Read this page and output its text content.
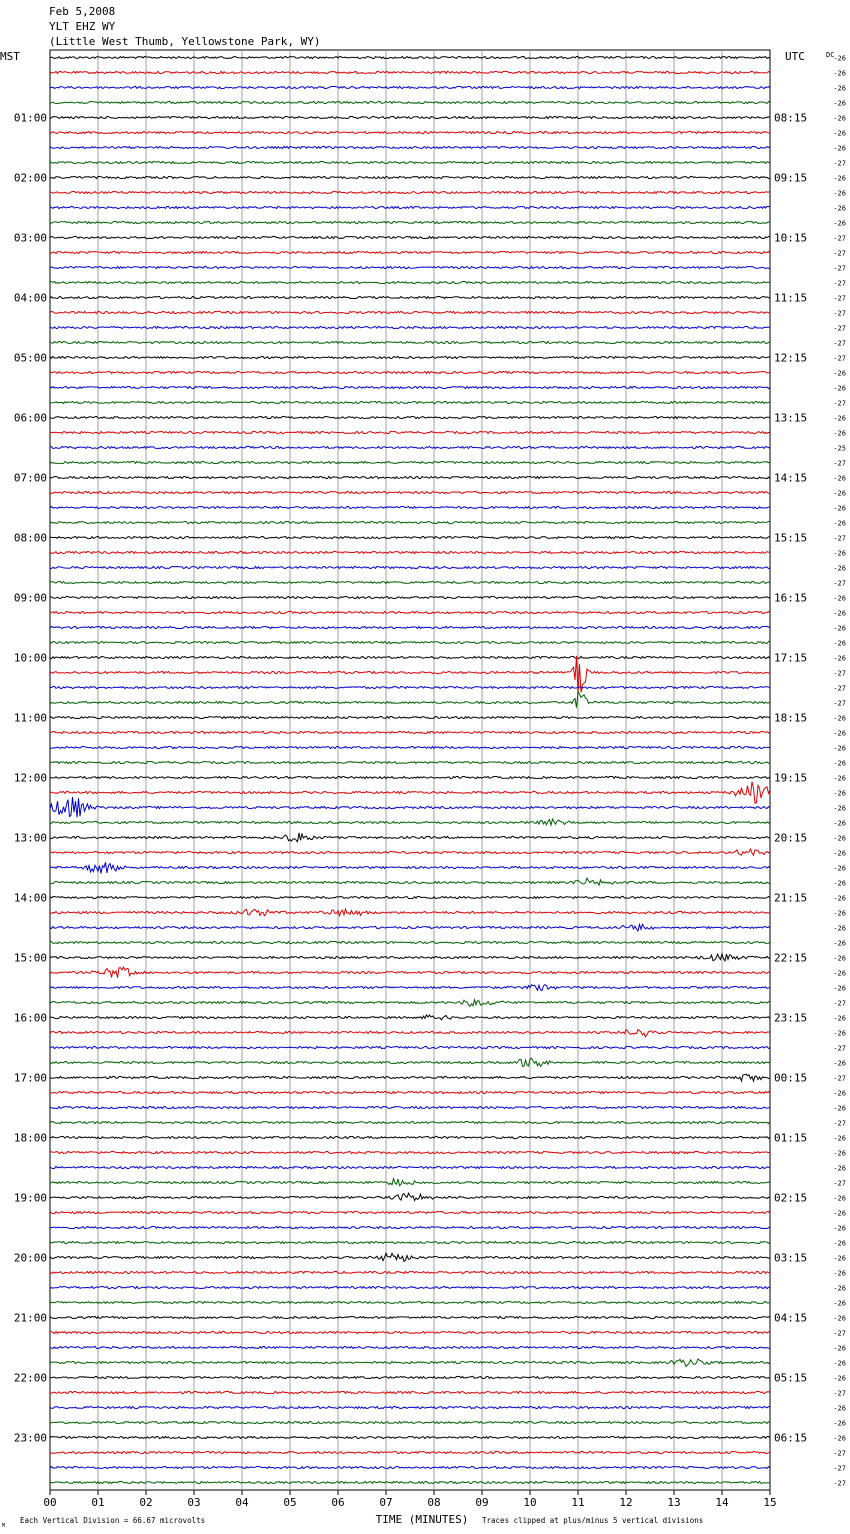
Feb 5,2008
YLT EHZ WY
(Little West Thumb, Yellowstone Park, WY)
-26
-26
-26
-26
-26
-26
-26
-27
-26
-26
-26
-26
-27
-27
-27
-27
-27
-27
-27
-27
-27
-26
-26
-27
-26
-26
-25
-27
-26
-26
-26
-26
-27
-26
-26
-27
-26
-26
-26
-26
-26
-27
-27
-27
-26
-26
-26
-26
-26
-26
-26
-26
-26
-26
-26
-26
-26
-26
-26
-26
-26
-26
-26
-27
-26
-26
-27
-26
-27
-26
-26
-27
-26
-26
-26
-27
-26
-26
-26
-26
-26
-26
-26
-26
-26
-27
-26
-26
-26
-27
-26
-26
-26
-27
-27
-27
01:00
02:00
03:00
04:00
05:00
06:00
07:00
08:00
09:00
10:00
11:00
12:00
13:00
14:00
15:00
16:00
17:00
18:00
19:00
20:00
21:00
22:00
23:00
08:15
09:15
10:15
11:15
12:15
13:15
14:15
15:15
16:15
17:15
18:15
19:15
20:15
21:15
22:15
23:15
00:15
01:15
02:15
03:15
04:15
05:15
06:15
MST	UTC	DC
00	01	02	03	04	05	06	07	08	09	10	11	12	13	14	15
TIME (MINUTES)
Each Vertical Division = 66.67 microvolts	Traces clipped at plus/minus 5 vertical divisions
M
